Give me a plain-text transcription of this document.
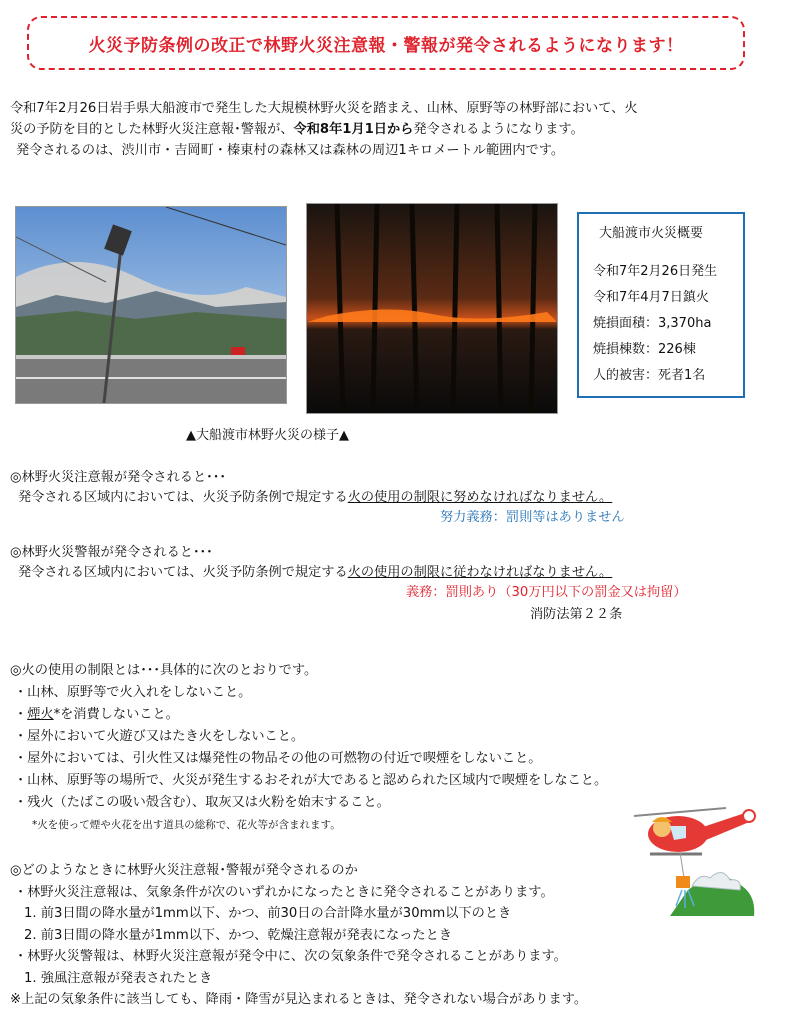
火災予防条例の改正で林野火災注意報・警報が発令されるようになります！

令和7年2月26日岩手県大船渡市で発生した大規模林野火災を踏まえ、山林、原野等の林野部において、火

災の予防を目的とした林野火災注意報･警報が、令和8年1月1日から発令されるようになります。

発令されるのは、渋川市・吉岡町・榛東村の森林又は森林の周辺1キロメートル範囲内です。

大船渡市火災概要
令和7年2月26日発生
令和7年4月7日鎮火
焼損面積：3,370ha
焼損棟数：226棟
人的被害：死者1名
▲大船渡市林野火災の様子▲

◎林野火災注意報が発令されると･･･

発令される区域内においては、火災予防条例で規定する火の使用の制限に努めなければなりません。

努力義務：罰則等はありません

◎林野火災警報が発令されると･･･

発令される区域内においては、火災予防条例で規定する火の使用の制限に従わなければなりません。

義務：罰則あり（30万円以下の罰金又は拘留）

消防法第２２条

◎火の使用の制限とは･･･具体的に次のとおりです。

・山林、原野等で火入れをしないこと。

・煙火*を消費しないこと。

・屋外において火遊び又はたき火をしないこと。

・屋外においては、引火性又は爆発性の物品その他の可燃物の付近で喫煙をしないこと。

・山林、原野等の場所で、火災が発生するおそれが大であると認められた区域内で喫煙をしなこと。

・残火（たばこの吸い殻含む）、取灰又は火粉を始末すること。

*火を使って煙や火花を出す道具の総称で、花火等が含まれます。

◎どのようなときに林野火災注意報･警報が発令されるのか

・林野火災注意報は、気象条件が次のいずれかになったときに発令されることがあります。

1. 前3日間の降水量が1mm以下、かつ、前30日の合計降水量が30mm以下のとき

2. 前3日間の降水量が1mm以下、かつ、乾燥注意報が発表になったとき

・林野火災警報は、林野火災注意報が発令中に、次の気象条件で発令されることがあります。

1. 強風注意報が発表されたとき

※上記の気象条件に該当しても、降雨・降雪が見込まれるときは、発令されない場合があります。
